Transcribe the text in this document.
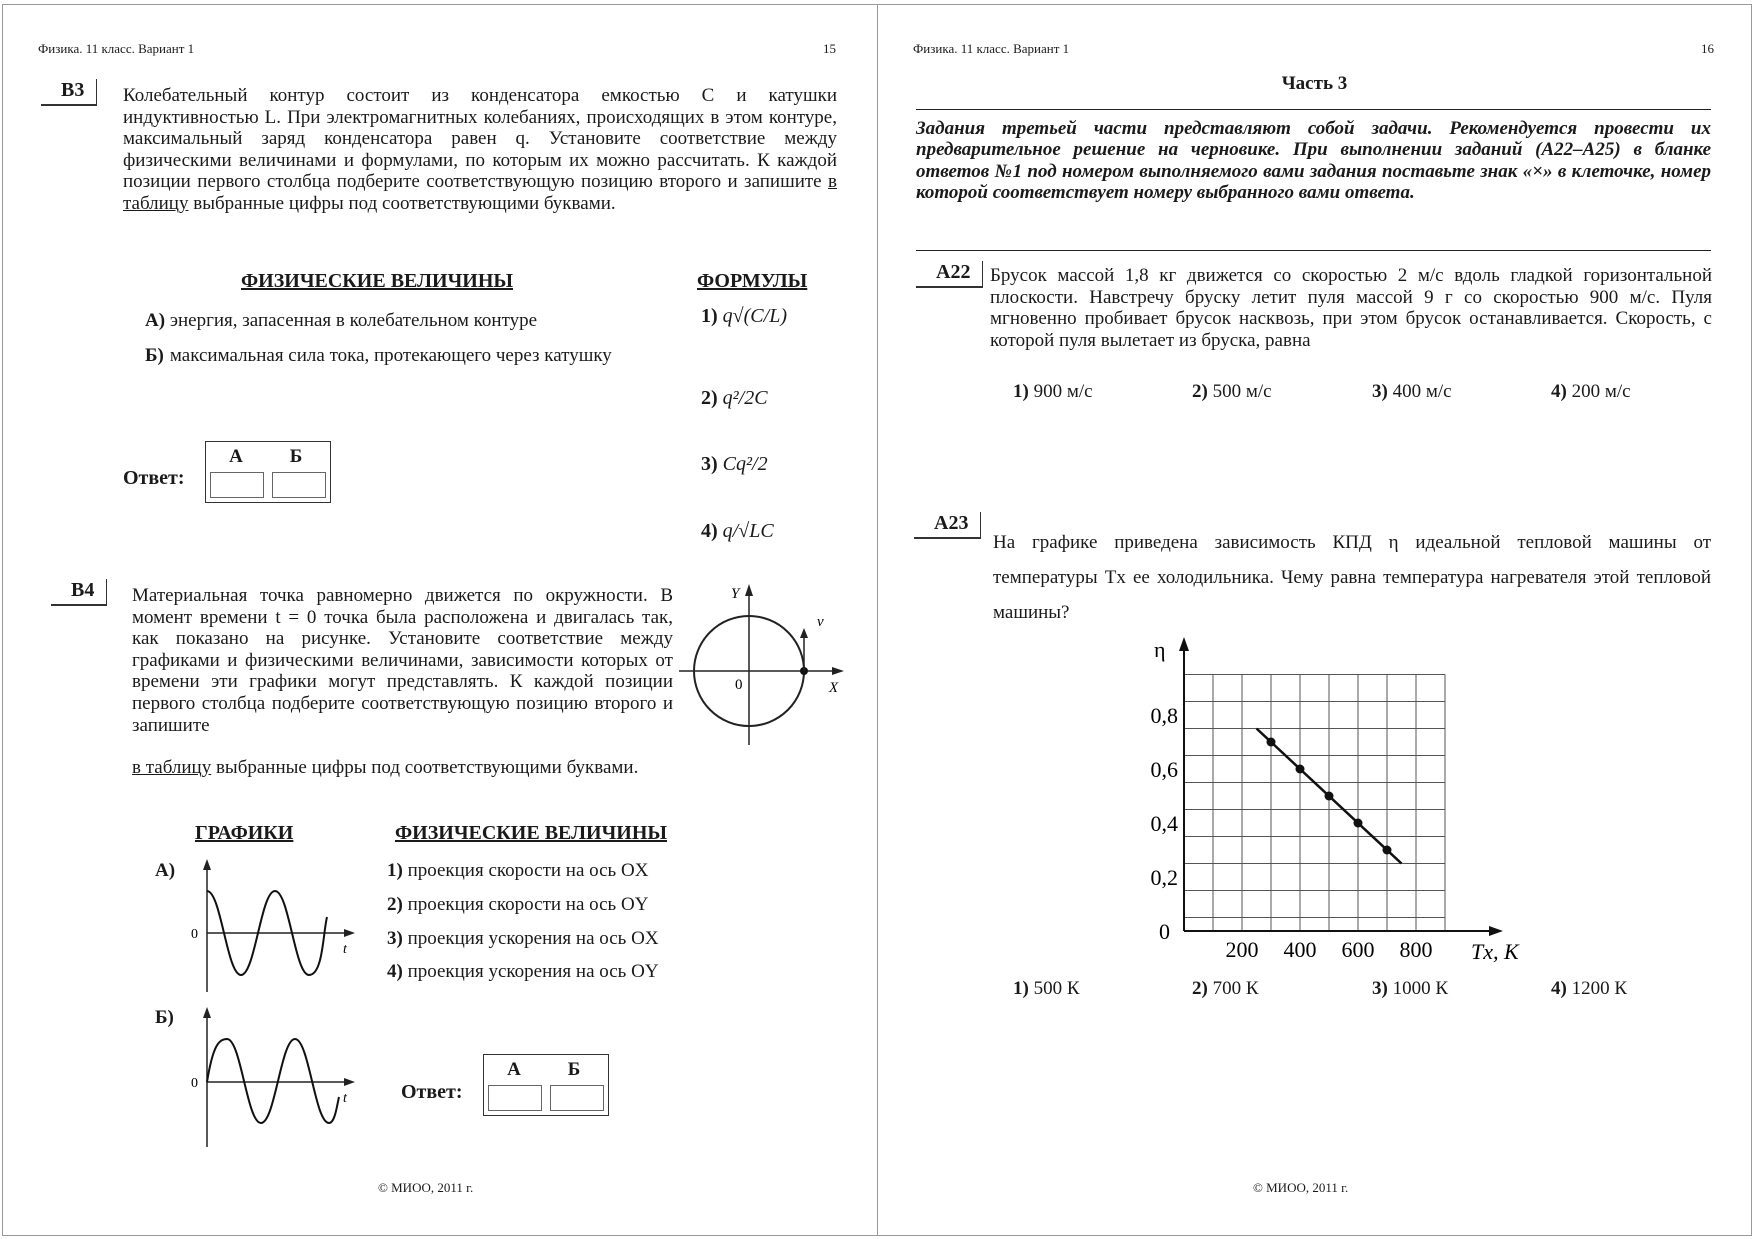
Физика. 11 класс. Вариант 1	15
В3	Колебательный контур состоит из конденсатора емкостью C и катушки индуктивностью L. При электромагнитных колебаниях, происходящих в этом контуре, максимальный заряд конденсатора равен q. Установите соответствие между физическими величинами и формулами, по которым их можно рассчитать. К каждой позиции первого столбца подберите соответствующую позицию второго и запишите в таблицу выбранные цифры под соответствующими буквами.
ФИЗИЧЕСКИЕ ВЕЛИЧИНЫ	ФОРМУЛЫ
А) энергия, запасенная в колебательном контуре
Б) максимальная сила тока, протекающего через катушку
1) q√(C/L)
2) q²/2C
3) Cq²/2
4) q/√LC
Ответ:
А	Б
В4	Материальная точка равномерно движется по окружности. В момент времени t = 0 точка была расположена и двигалась так, как показано на рисунке. Установите соответствие между графиками и физическими величинами, зависимости которых от времени эти графики могут представлять. К каждой позиции первого столбца подберите соответствующую позицию второго и запишите
в таблицу выбранные цифры под соответствующими буквами.
Y
v
0	X
ГРАФИКИ	ФИЗИЧЕСКИЕ ВЕЛИЧИНЫ
А)
0
t
Б)
0
t
1) проекция скорости на ось OX
2) проекция скорости на ось OY
3) проекция ускорения на ось OX
4) проекция ускорения на ось OY
Ответ:
А	Б
© МИОО, 2011 г.
Физика. 11 класс. Вариант 1	16
Часть 3
Задания третьей части представляют собой задачи. Рекомендуется провести их предварительное решение на черновике. При выполнении заданий (А22–А25) в бланке ответов №1 под номером выполняемого вами задания поставьте знак «×» в клеточке, номер которой соответствует номеру выбранного вами ответа.
А22	Брусок массой 1,8 кг движется со скоростью 2 м/с вдоль гладкой горизонтальной плоскости. Навстречу бруску летит пуля массой 9 г со скоростью 900 м/с. Пуля мгновенно пробивает брусок насквозь, при этом брусок останавливается. Скорость, с которой пуля вылетает из бруска, равна
1) 900 м/с	2) 500 м/с	3) 400 м/с	4) 200 м/с
А23
На графике приведена зависимость КПД η идеальной тепловой машины от температуры Tх ее холодильника. Чему равна температура нагревателя этой тепловой машины?
200 400 600 800
0,2
0,4
0,6
0,8
0
η
Tх, К
1) 500 К	2) 700 К	3) 1000 К	4) 1200 К
© МИОО, 2011 г.
